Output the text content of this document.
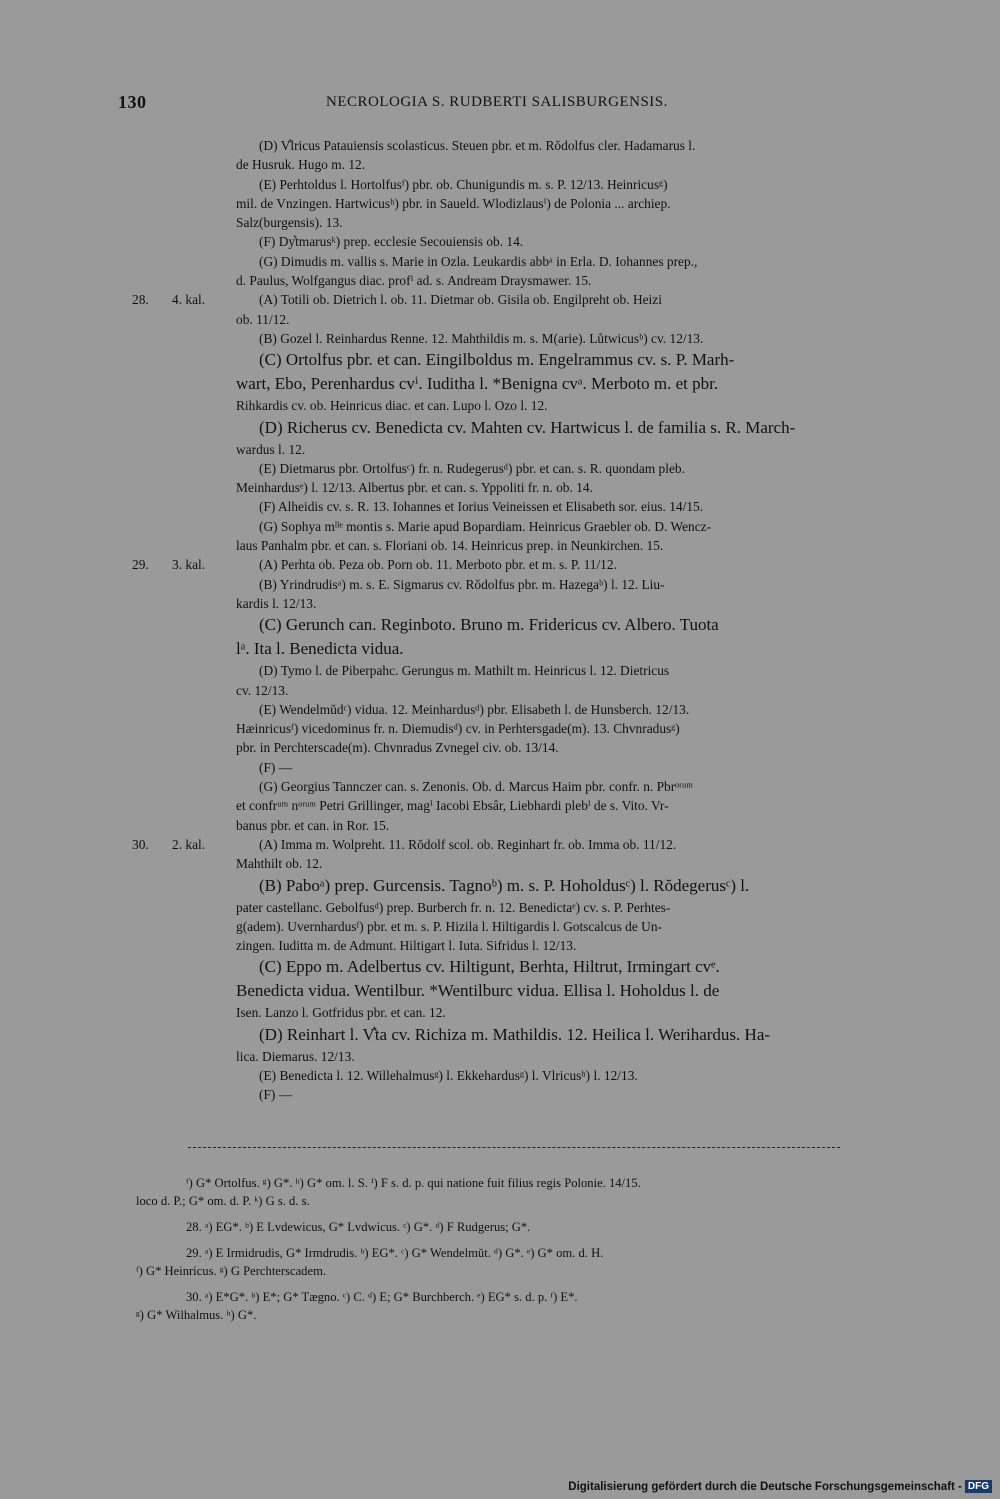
130	NECROLOGIA S. RUDBERTI SALISBURGENSIS.
(D) V͛lricus Patauiensis scolasticus. Steuen pbr. et m. Rŏdolfus cler. Hadamarus l.
de Husruk. Hugo m. 12.
(E) Perhtoldus l. Hortolfusᶠ) pbr. ob. Chunigundis m. s. P. 12/13. Heinricusᵍ)
mil. de Vnzingen. Hartwicusʰ) pbr. in Saueld. Wlodizlausⁱ) de Polonia ... archiep.
Salz(burgensis). 13.
(F) Dy͛tmarusᵏ) prep. ecclesie Secouiensis ob. 14.
(G) Dimudis m. vallis s. Marie in Ozla. Leukardis abbᵃ in Erla. D. Iohannes prep.,
d. Paulus, Wolfgangus diac. profⁱ ad. s. Andream Draysmawer. 15.
28. 4. kal.	(A) Totili ob. Dietrich l. ob. 11. Dietmar ob. Gisila ob. Engilpreht ob. Heizi
ob. 11/12.
(B) Gozel l. Reinhardus Renne. 12. Mahthildis m. s. M(arie). Lůtwicusᵇ) cv. 12/13.
(C) Ortolfus pbr. et can. Eingilboldus m. Engelrammus cv. s. P. Marh-
wart, Ebo, Perenhardus cvⁱ. Iuditha l. *Benigna cvᵃ. Merboto m. et pbr.
Rihkardis cv. ob. Heinricus diac. et can. Lupo l. Ozo l. 12.
(D) Richerus cv. Benedicta cv. Mahten cv. Hartwicus l. de familia s. R. March-
wardus l. 12.
(E) Dietmarus pbr. Ortolfusᶜ) fr. n. Rudegerusᵈ) pbr. et can. s. R. quondam pleb.
Meinhardusᵉ) l. 12/13. Albertus pbr. et can. s. Yppoliti fr. n. ob. 14.
(F) Alheidis cv. s. R. 13. Iohannes et Iorius Veineissen et Elisabeth sor. eius. 14/15.
(G) Sophya mˡˡᵉ montis s. Marie apud Bopardiam. Heinricus Graebler ob. D. Wencz-
laus Panhalm pbr. et can. s. Floriani ob. 14. Heinricus prep. in Neunkirchen. 15.
29. 3. kal.	(A) Perhta ob. Peza ob. Porn ob. 11. Merboto pbr. et m. s. P. 11/12.
(B) Yrindrudisᵃ) m. s. E. Sigmarus cv. Rŏdolfus pbr. m. Hazegaᵇ) l. 12. Liu-
kardis l. 12/13.
(C) Gerunch can. Reginboto. Bruno m. Fridericus cv. Albero. Tuota
lᵃ. Ita l. Benedicta vidua.
(D) Tymo l. de Piberpahc. Gerungus m. Mathilt m. Heinricus l. 12. Dietricus
cv. 12/13.
(E) Wendelmŭdᶜ) vidua. 12. Meinhardusᵈ) pbr. Elisabeth l. de Hunsberch. 12/13.
Hæinricusᶠ) vicedominus fr. n. Diemudisᵈ) cv. in Perhtersgade(m). 13. Chvnradusᵍ)
pbr. in Perchterscade(m). Chvnradus Zvnegel civ. ob. 13/14.
(F) —
(G) Georgius Tannczer can. s. Zenonis. Ob. d. Marcus Haim pbr. confr. n. Pbrᵒʳᵘᵐ
et confrᵘᵐ nᵒʳᵘᵐ Petri Grillinger, magⁱ Iacobi Ebsâr, Liebhardi plebⁱ de s. Vito. Vr-
banus pbr. et can. in Ror. 15.
30. 2. kal.	(A) Imma m. Wolpreht. 11. Rŏdolf scol. ob. Reginhart fr. ob. Imma ob. 11/12.
Mahthilt ob. 12.
(B) Paboᵃ) prep. Gurcensis. Tagnoᵇ) m. s. P. Hoholdusᶜ) l. Rŏdegerusᶜ) l.
pater castellanc. Gebolfusᵈ) prep. Burberch fr. n. 12. Benedictaᵉ) cv. s. P. Perhtes-
g(adem). Uvernhardusᶠ) pbr. et m. s. P. Hizila l. Hiltigardis l. Gotscalcus de Un-
zingen. Iuditta m. de Admunt. Hiltigart l. Iuta. Sifridus l. 12/13.
(C) Eppo m. Adelbertus cv. Hiltigunt, Berhta, Hiltrut, Irmingart cvᵉ.
Benedicta vidua. Wentilbur. *Wentilburc vidua. Ellisa l. Hoholdus l. de
Isen. Lanzo l. Gotfridus pbr. et can. 12.
(D) Reinhart l. V͛ta cv. Richiza m. Mathildis. 12. Heilica l. Werihardus. Ha-
lica. Diemarus. 12/13.
(E) Benedicta l. 12. Willehalmusᵍ) l. Ekkehardusᵍ) l. Vlricusʰ) l. 12/13.
(F) —
ᶠ) G* Ortolfus. ᵍ) G*. ʰ) G* om. l. S. ⁱ) F s. d. p. qui natione fuit filius regis Polonie. 14/15.
loco d. P.; G* om. d. P. ᵏ) G s. d. s.
28. ᵃ) EG*. ᵇ) E Lvdewicus, G* Lvdwicus. ᶜ) G*. ᵈ) F Rudgerus; G*.
29. ᵃ) E Irmidrudis, G* Irmdrudis. ᵇ) EG*. ᶜ) G* Wendelmŭt. ᵈ) G*. ᵉ) G* om. d. H.
ᶠ) G* Heinricus. ᵍ) G Perchterscadem.
30. ᵃ) E*G*. ᵇ) E*; G* Tægno. ᶜ) C. ᵈ) E; G* Burchberch. ᵉ) EG* s. d. p. ᶠ) E*.
ᵍ) G* Wilhalmus. ʰ) G*.
Digitalisierung gefördert durch die Deutsche Forschungsgemeinschaft - DFG
